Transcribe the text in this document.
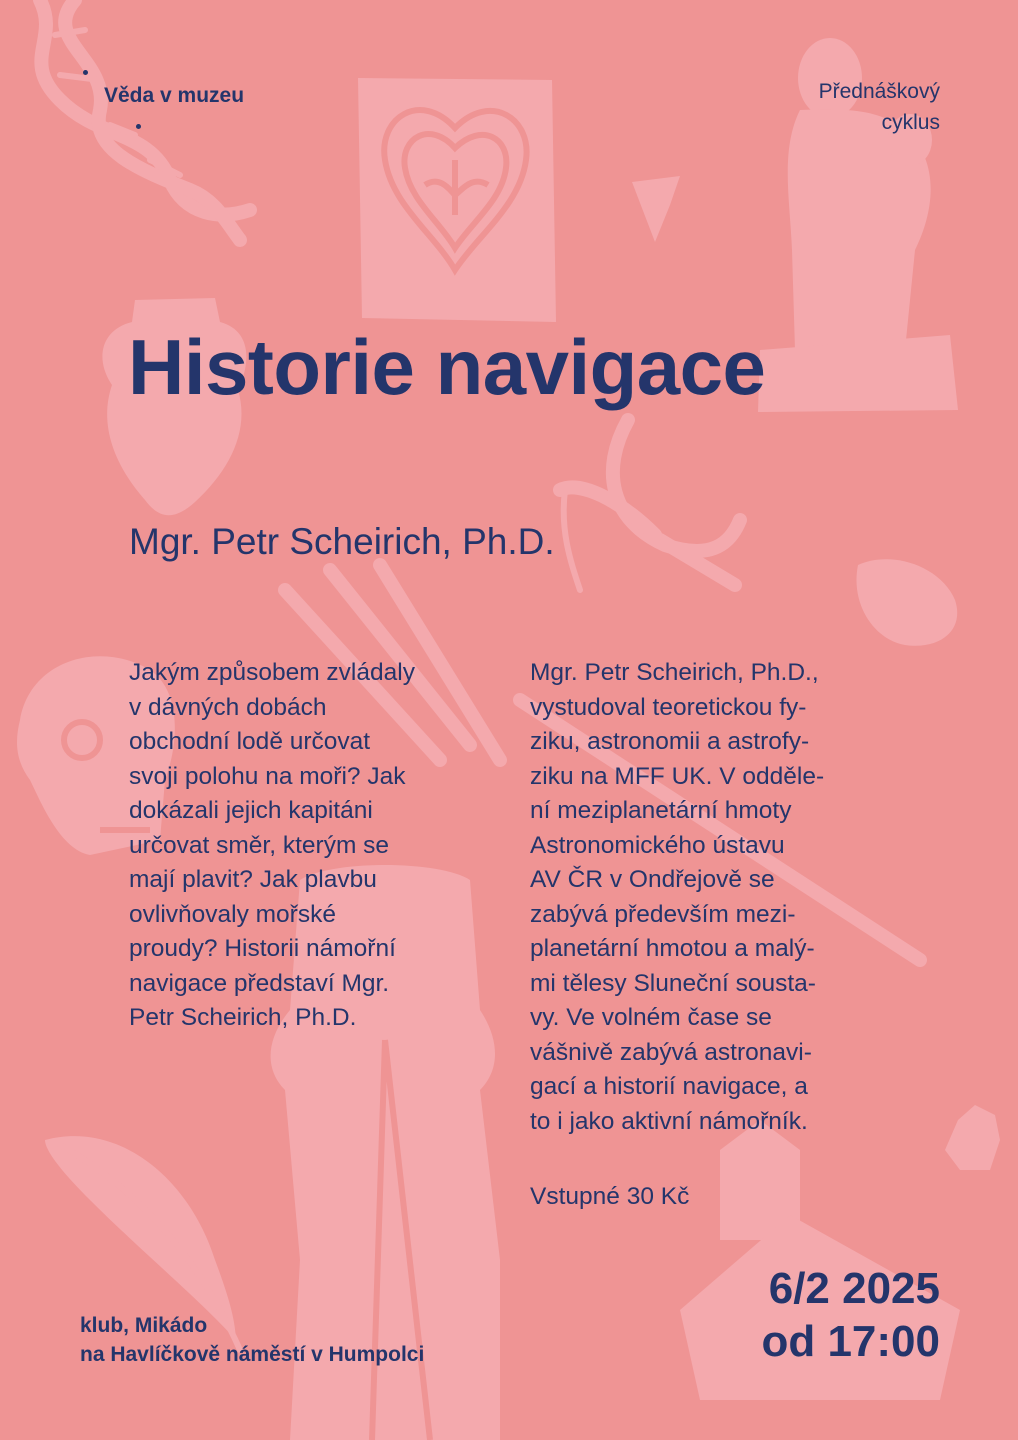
Věda v muzeu	Přednáškový
cyklus
Historie navigace
Mgr. Petr Scheirich, Ph.D.

Jakým způsobem zvládaly
v dávných dobách
obchodní lodě určovat
svoji polohu na moři? Jak
dokázali jejich kapitáni
určovat směr, kterým se
mají plavit? Jak plavbu
ovlivňovaly mořské
proudy? Historii námořní
navigace představí Mgr.
Petr Scheirich, Ph.D.

Mgr. Petr Scheirich, Ph.D.,
vystudoval teoretickou fy-
ziku, astronomii a astrofy-
ziku na MFF UK. V odděle-
ní meziplanetární hmoty
Astronomického ústavu
AV ČR v Ondřejově se
zabývá především mezi-
planetární hmotou a malý-
mi tělesy Sluneční sousta-
vy. Ve volném čase se
vášnivě zabývá astronavi-
gací a historií navigace, a
to i jako aktivní námořník.

Vstupné 30 Kč
6/2 2025
od 17:00
klub, Mikádo
na Havlíčkově náměstí v Humpolci
